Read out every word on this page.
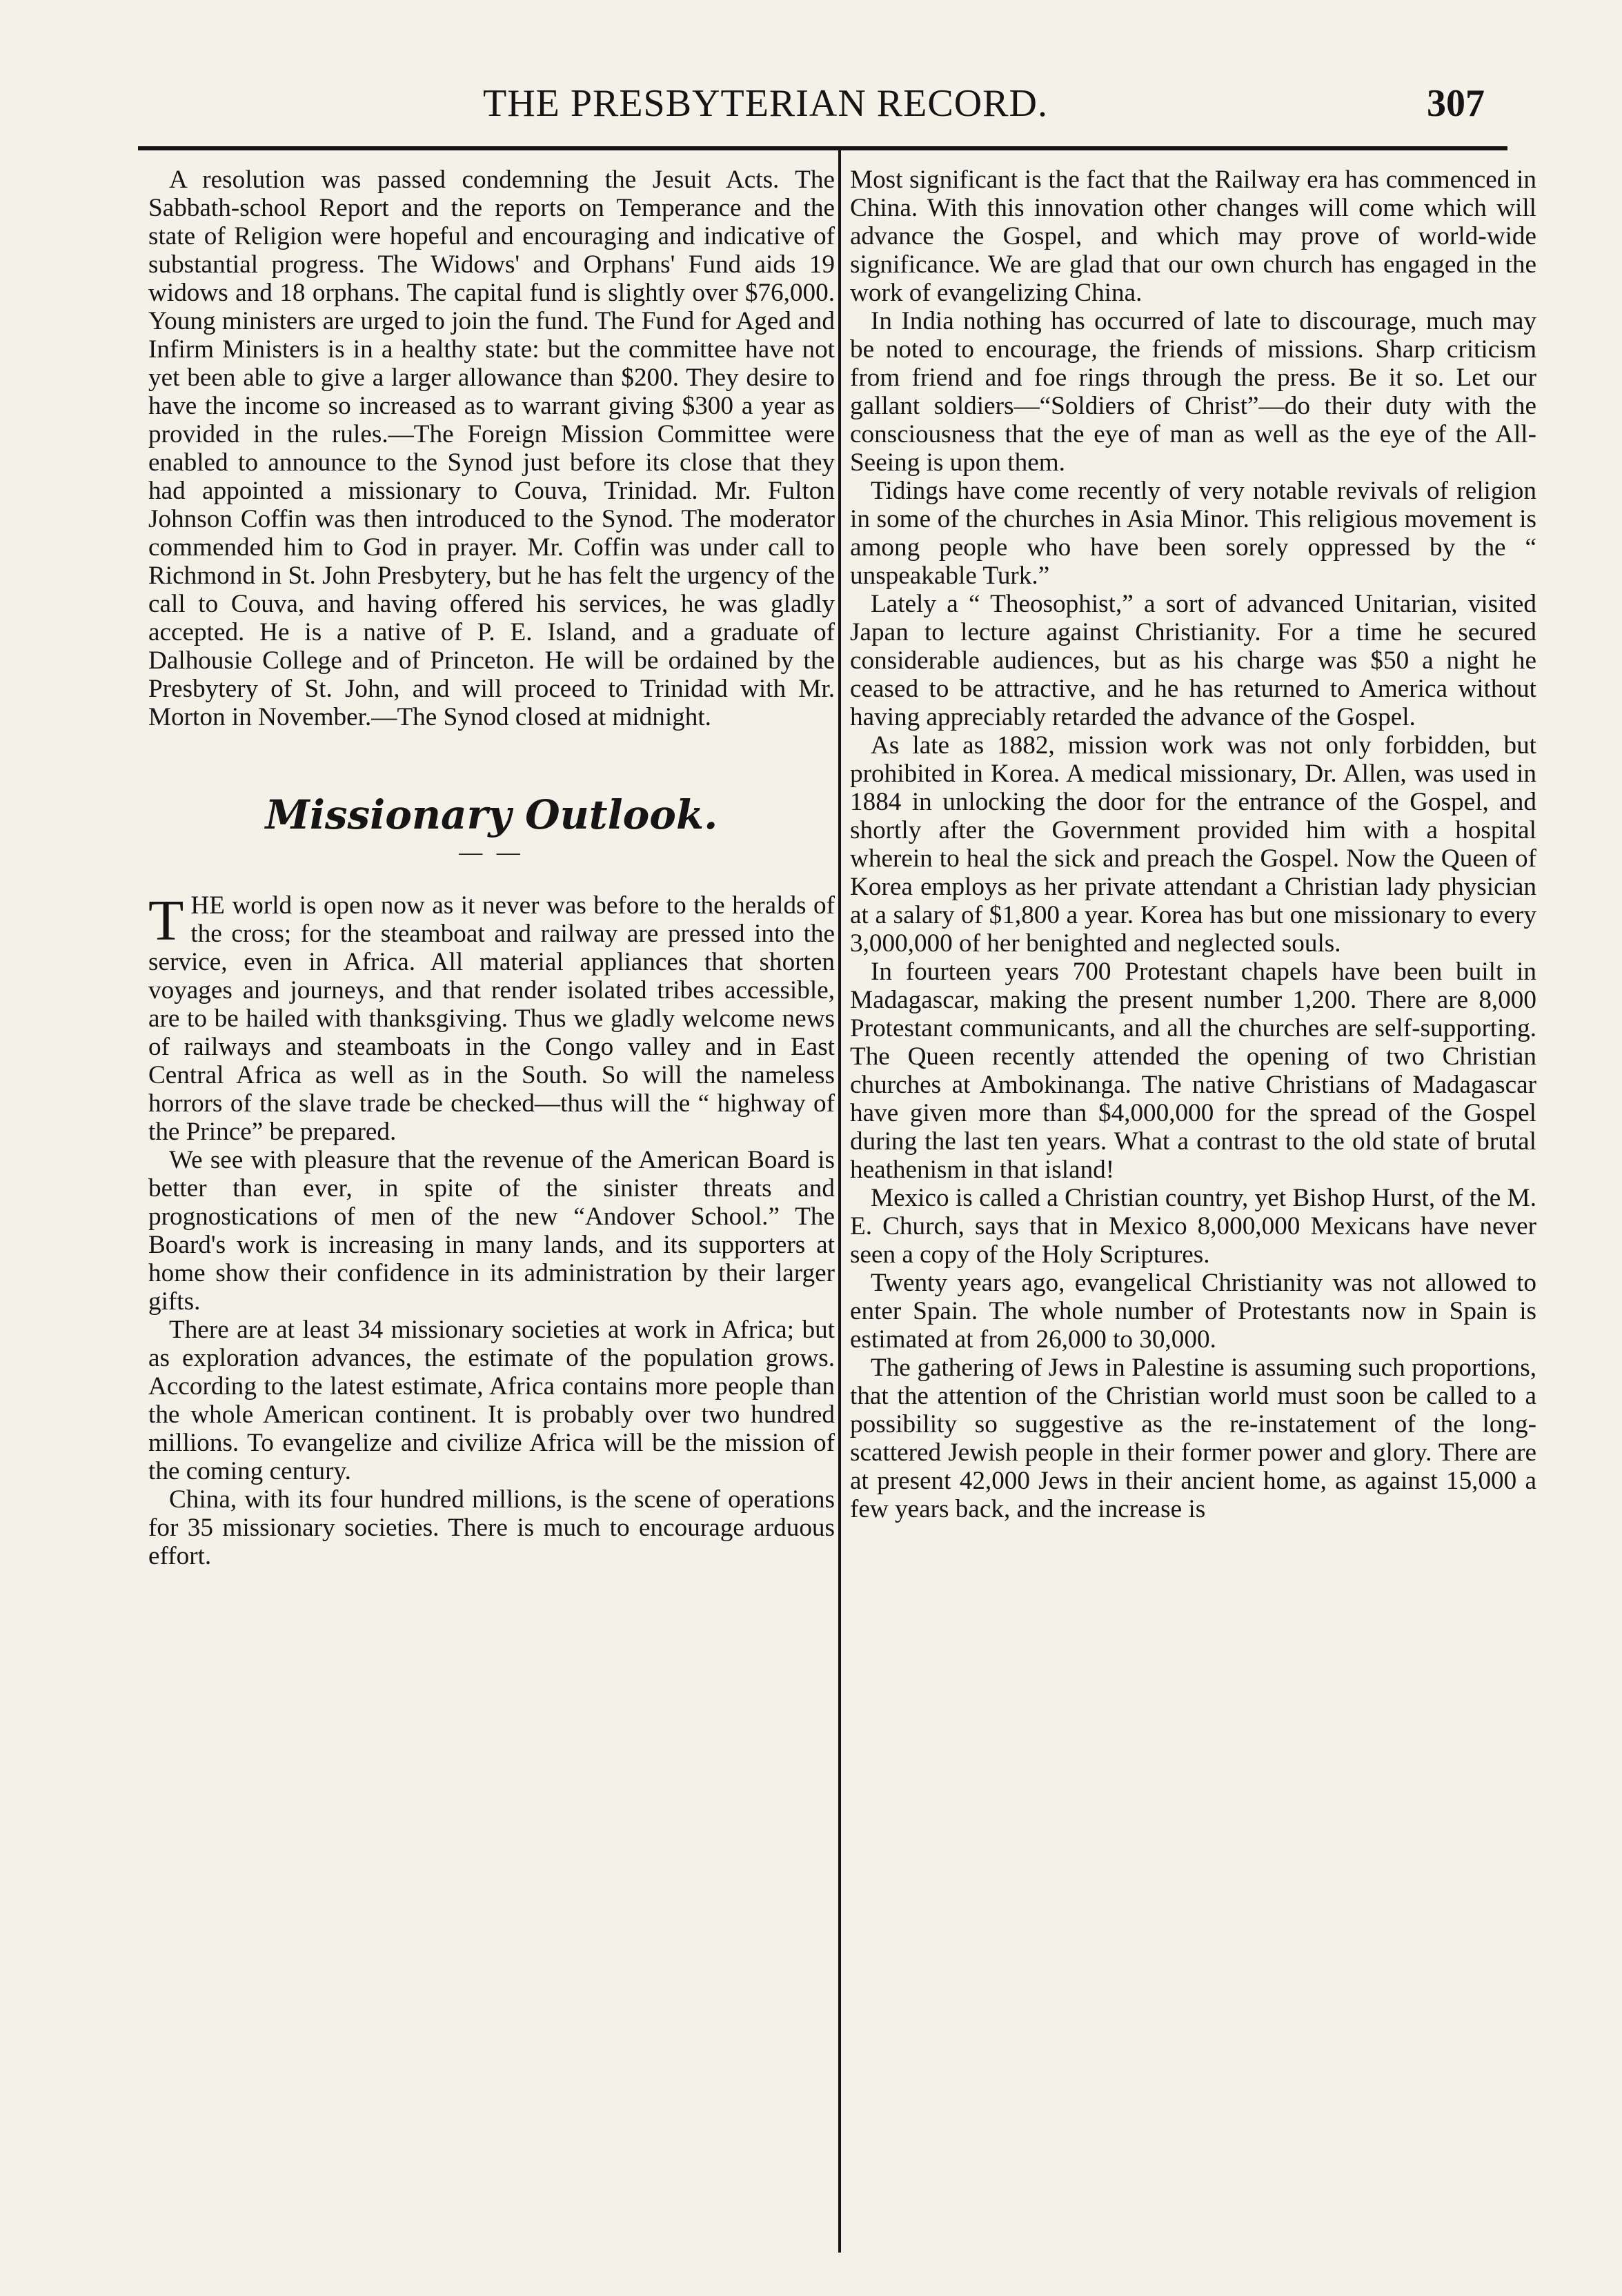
THE PRESBYTERIAN RECORD.	307

A resolution was passed condemning the Jesuit Acts. The Sabbath-school Report and the reports on Temperance and the state of Religion were hopeful and encouraging and indicative of substantial progress. The Widows' and Orphans' Fund aids 19 widows and 18 orphans. The capital fund is slightly over $76,000. Young ministers are urged to join the fund. The Fund for Aged and Infirm Ministers is in a healthy state: but the committee have not yet been able to give a larger allowance than $200. They desire to have the income so increased as to warrant giving $300 a year as provided in the rules.—The Foreign Mission Committee were enabled to announce to the Synod just before its close that they had appointed a missionary to Couva, Trinidad. Mr. Fulton Johnson Coffin was then introduced to the Synod. The moderator commended him to God in prayer. Mr. Coffin was under call to Richmond in St. John Presbytery, but he has felt the urgency of the call to Couva, and having offered his services, he was gladly accepted. He is a native of P. E. Island, and a graduate of Dalhousie College and of Princeton. He will be ordained by the Presbytery of St. John, and will proceed to Trinidad with Mr. Morton in November.—The Synod closed at midnight.

Missionary Outlook.
— —

THE world is open now as it never was before to the heralds of the cross; for the steamboat and railway are pressed into the service, even in Africa. All material appliances that shorten voyages and journeys, and that render isolated tribes accessible, are to be hailed with thanksgiving. Thus we gladly welcome news of railways and steamboats in the Congo valley and in East Central Africa as well as in the South. So will the nameless horrors of the slave trade be checked—thus will the “ highway of the Prince” be prepared.

We see with pleasure that the revenue of the American Board is better than ever, in spite of the sinister threats and prognostications of men of the new “Andover School.” The Board's work is increasing in many lands, and its supporters at home show their confidence in its administration by their larger gifts.

There are at least 34 missionary societies at work in Africa; but as exploration advances, the estimate of the population grows. According to the latest estimate, Africa contains more people than the whole American continent. It is probably over two hundred millions. To evangelize and civilize Africa will be the mission of the coming century.

China, with its four hundred millions, is the scene of operations for 35 missionary societies. There is much to encourage arduous effort.

Most significant is the fact that the Railway era has commenced in China. With this innovation other changes will come which will advance the Gospel, and which may prove of world-wide significance. We are glad that our own church has engaged in the work of evangelizing China.

In India nothing has occurred of late to discourage, much may be noted to encourage, the friends of missions. Sharp criticism from friend and foe rings through the press. Be it so. Let our gallant soldiers—“Soldiers of Christ”—do their duty with the consciousness that the eye of man as well as the eye of the All-Seeing is upon them.

Tidings have come recently of very notable revivals of religion in some of the churches in Asia Minor. This religious movement is among people who have been sorely oppressed by the “ unspeakable Turk.”

Lately a “ Theosophist,” a sort of advanced Unitarian, visited Japan to lecture against Christianity. For a time he secured considerable audiences, but as his charge was $50 a night he ceased to be attractive, and he has returned to America without having appreciably retarded the advance of the Gospel.

As late as 1882, mission work was not only forbidden, but prohibited in Korea. A medical missionary, Dr. Allen, was used in 1884 in unlocking the door for the entrance of the Gospel, and shortly after the Government provided him with a hospital wherein to heal the sick and preach the Gospel. Now the Queen of Korea employs as her private attendant a Christian lady physician at a salary of $1,800 a year. Korea has but one missionary to every 3,000,000 of her benighted and neglected souls.

In fourteen years 700 Protestant chapels have been built in Madagascar, making the present number 1,200. There are 8,000 Protestant communicants, and all the churches are self-supporting. The Queen recently attended the opening of two Christian churches at Ambokinanga. The native Christians of Madagascar have given more than $4,000,000 for the spread of the Gospel during the last ten years. What a contrast to the old state of brutal heathenism in that island!

Mexico is called a Christian country, yet Bishop Hurst, of the M. E. Church, says that in Mexico 8,000,000 Mexicans have never seen a copy of the Holy Scriptures.

Twenty years ago, evangelical Christianity was not allowed to enter Spain. The whole number of Protestants now in Spain is estimated at from 26,000 to 30,000.

The gathering of Jews in Palestine is assuming such proportions, that the attention of the Christian world must soon be called to a possibility so suggestive as the re-instatement of the long-scattered Jewish people in their former power and glory. There are at present 42,000 Jews in their ancient home, as against 15,000 a few years back, and the increase is
